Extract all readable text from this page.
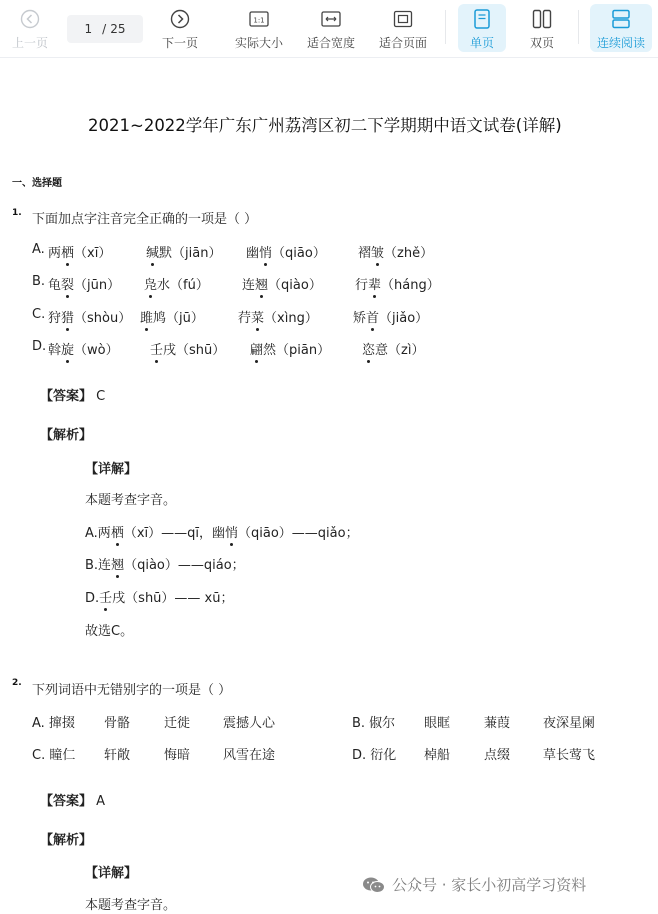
上一页
1 / 25
下一页
1:1
实际大小 适合宽度 适合页面	单页	双页	连续阅读
2021~2022学年广东广州荔湾区初二下学期期中语文试卷(详解)
一、选择题
1. 下面加点字注音完全正确的一项是（ ）
A. 两栖（xī）	缄默（jiān） 幽悄（qiāo） 褶皱（zhě）
B. 龟裂（jūn） 凫水（fú）	连翘（qiào）	行辈（háng）
C. 狩猎（shòu） 雎鸠（jū）	荇菜（xìng）	矫首（jiǎo）
D. 斡旋（wò） 壬戌（shū） 翩然（piān） 恣意（zì）
【答案】 C
【解析】
【详解】
本题考查字音。
A.两栖（xī）——qī，幽悄（qiāo）——qiǎo；
B.连翘（qiào）——qiáo；
D.壬戌（shū）—— xū；
故选C。
2. 下列词语中无错别字的一项是（ ）
A. 撺掇 骨骼	迁徙	震撼人心	B. 俶尔 眼眶	蒹葭	夜深星阑
C. 瞳仁 轩敞	悔暗	风雪在途	D. 衍化 棹船	点缀	草长莺飞
【答案】 A
【解析】
【详解】
本题考查字音。
公众号 · 家长小初高学习资料
